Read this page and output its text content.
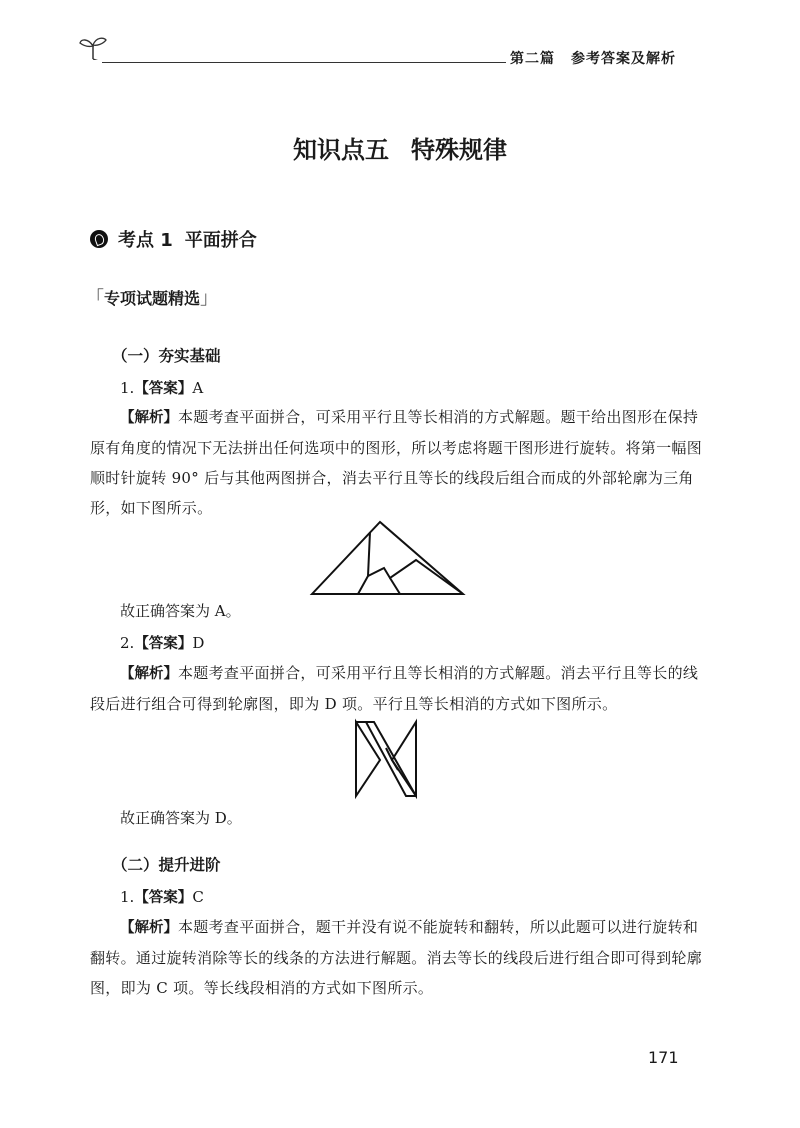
第二篇 参考答案及解析
知识点五 特殊规律
考点 1 平面拼合
「专项试题精选」
（一）夯实基础
1.【答案】A
【解析】本题考查平面拼合，可采用平行且等长相消的方式解题。题干给出图形在保持原有角度的情况下无法拼出任何选项中的图形，所以考虑将题干图形进行旋转。将第一幅图顺时针旋转 90° 后与其他两图拼合，消去平行且等长的线段后组合而成的外部轮廓为三角形，如下图所示。
故正确答案为 A。
2.【答案】D
【解析】本题考查平面拼合，可采用平行且等长相消的方式解题。消去平行且等长的线段后进行组合可得到轮廓图，即为 D 项。平行且等长相消的方式如下图所示。
故正确答案为 D。
（二）提升进阶
1.【答案】C
【解析】本题考查平面拼合，题干并没有说不能旋转和翻转，所以此题可以进行旋转和翻转。通过旋转消除等长的线条的方法进行解题。消去等长的线段后进行组合即可得到轮廓图，即为 C 项。等长线段相消的方式如下图所示。
171
